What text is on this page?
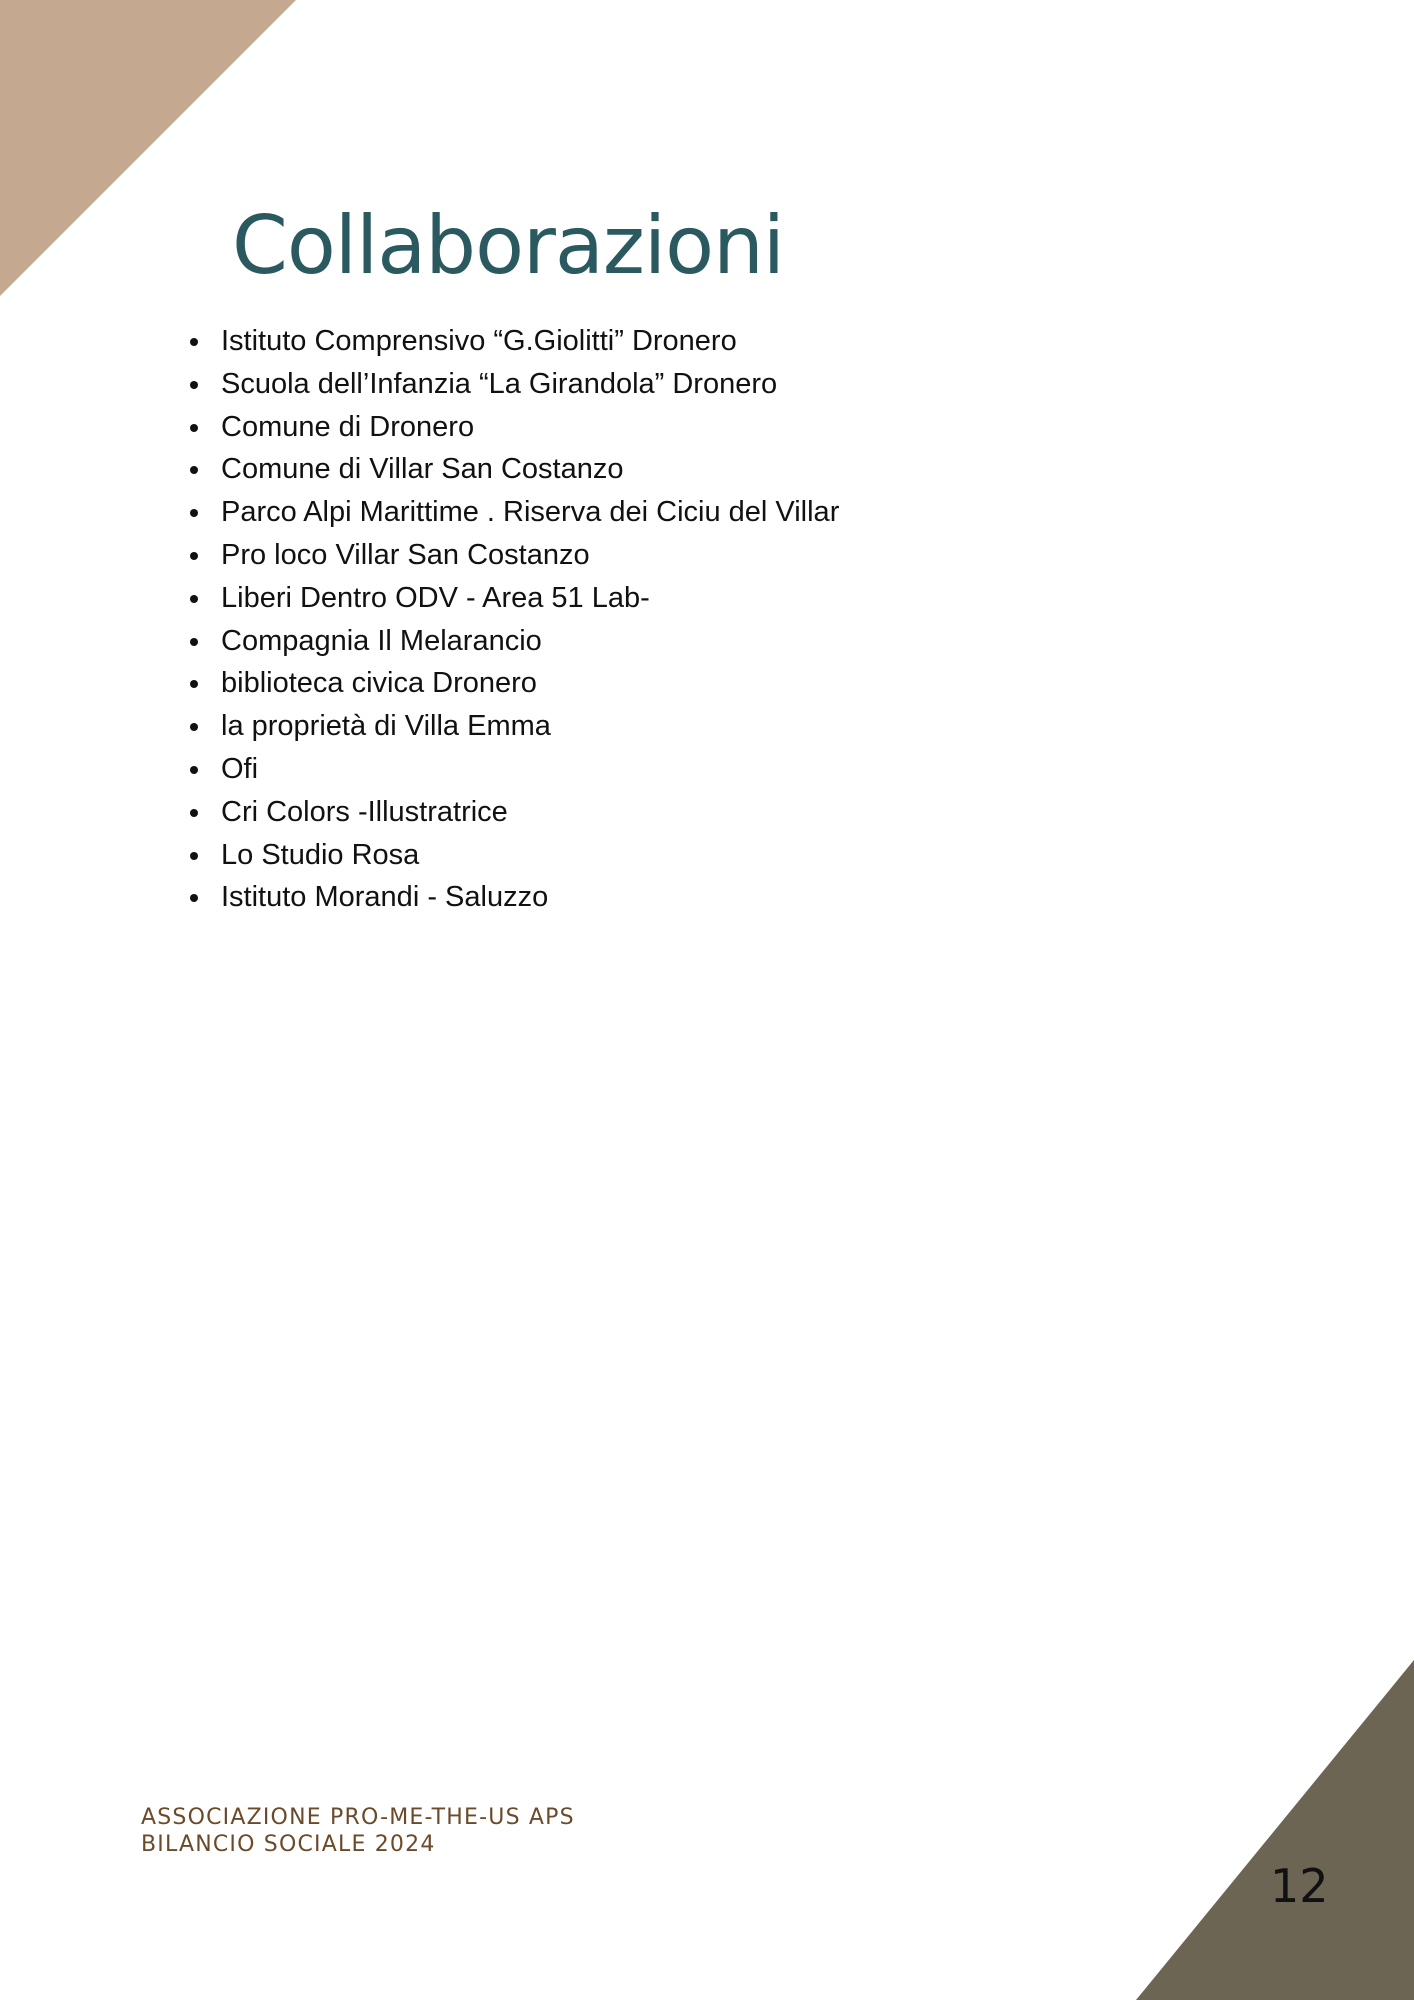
Collaborazioni
Istituto Comprensivo “G.Giolitti” Dronero
Scuola dell’Infanzia “La Girandola” Dronero
Comune di Dronero
Comune di Villar San Costanzo
Parco Alpi Marittime . Riserva dei Ciciu del Villar
Pro loco Villar San Costanzo
Liberi Dentro ODV - Area 51 Lab-
Compagnia Il Melarancio
biblioteca civica Dronero
la proprietà di Villa Emma
Ofi
Cri Colors -Illustratrice
Lo Studio Rosa
Istituto Morandi - Saluzzo
ASSOCIAZIONE PRO-ME-THE-US APS
BILANCIO SOCIALE 2024
12
